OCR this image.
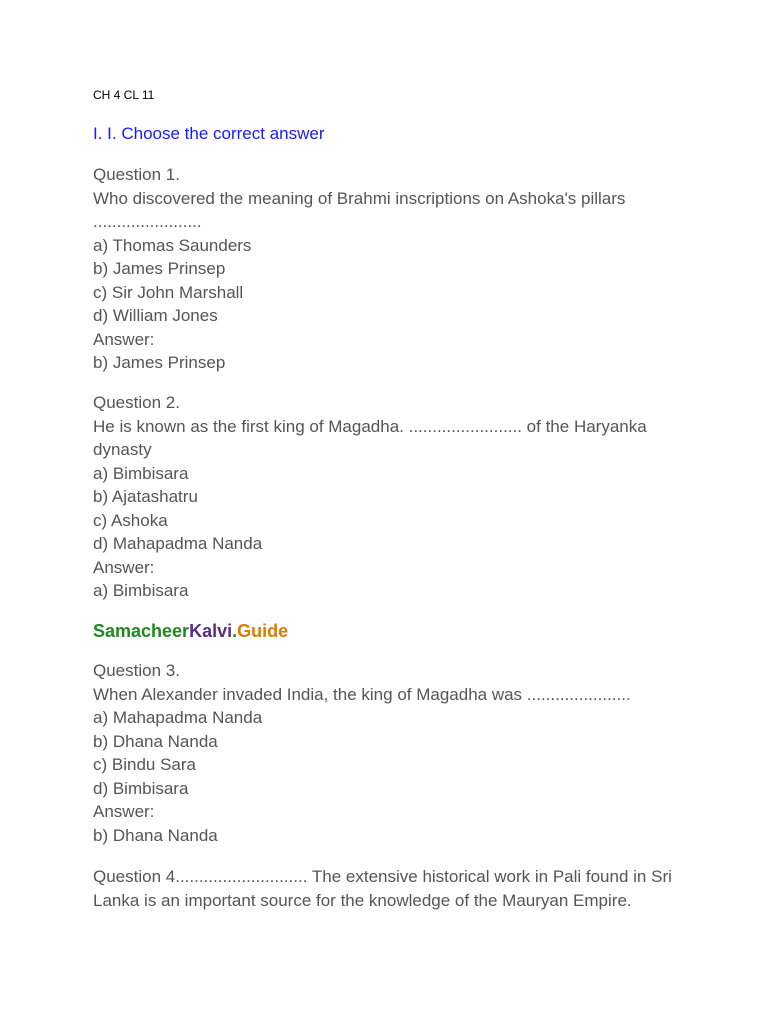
CH 4 CL 11
I. I. Choose the correct answer
Question 1.
Who discovered the meaning of Brahmi inscriptions on Ashoka's pillars .......................
a) Thomas Saunders
b) James Prinsep
c) Sir John Marshall
d) William Jones
Answer:
b) James Prinsep
Question 2.
He is known as the first king of Magadha. ........................ of the Haryanka dynasty
a) Bimbisara
b) Ajatashatru
c) Ashoka
d) Mahapadma Nanda
Answer:
a) Bimbisara
SamacheerKalvi.Guide
Question 3.
When Alexander invaded India, the king of Magadha was ......................
a) Mahapadma Nanda
b) Dhana Nanda
c) Bindu Sara
d) Bimbisara
Answer:
b) Dhana Nanda
Question 4............................ The extensive historical work in Pali found in Sri Lanka is an important source for the knowledge of the Mauryan Empire.
